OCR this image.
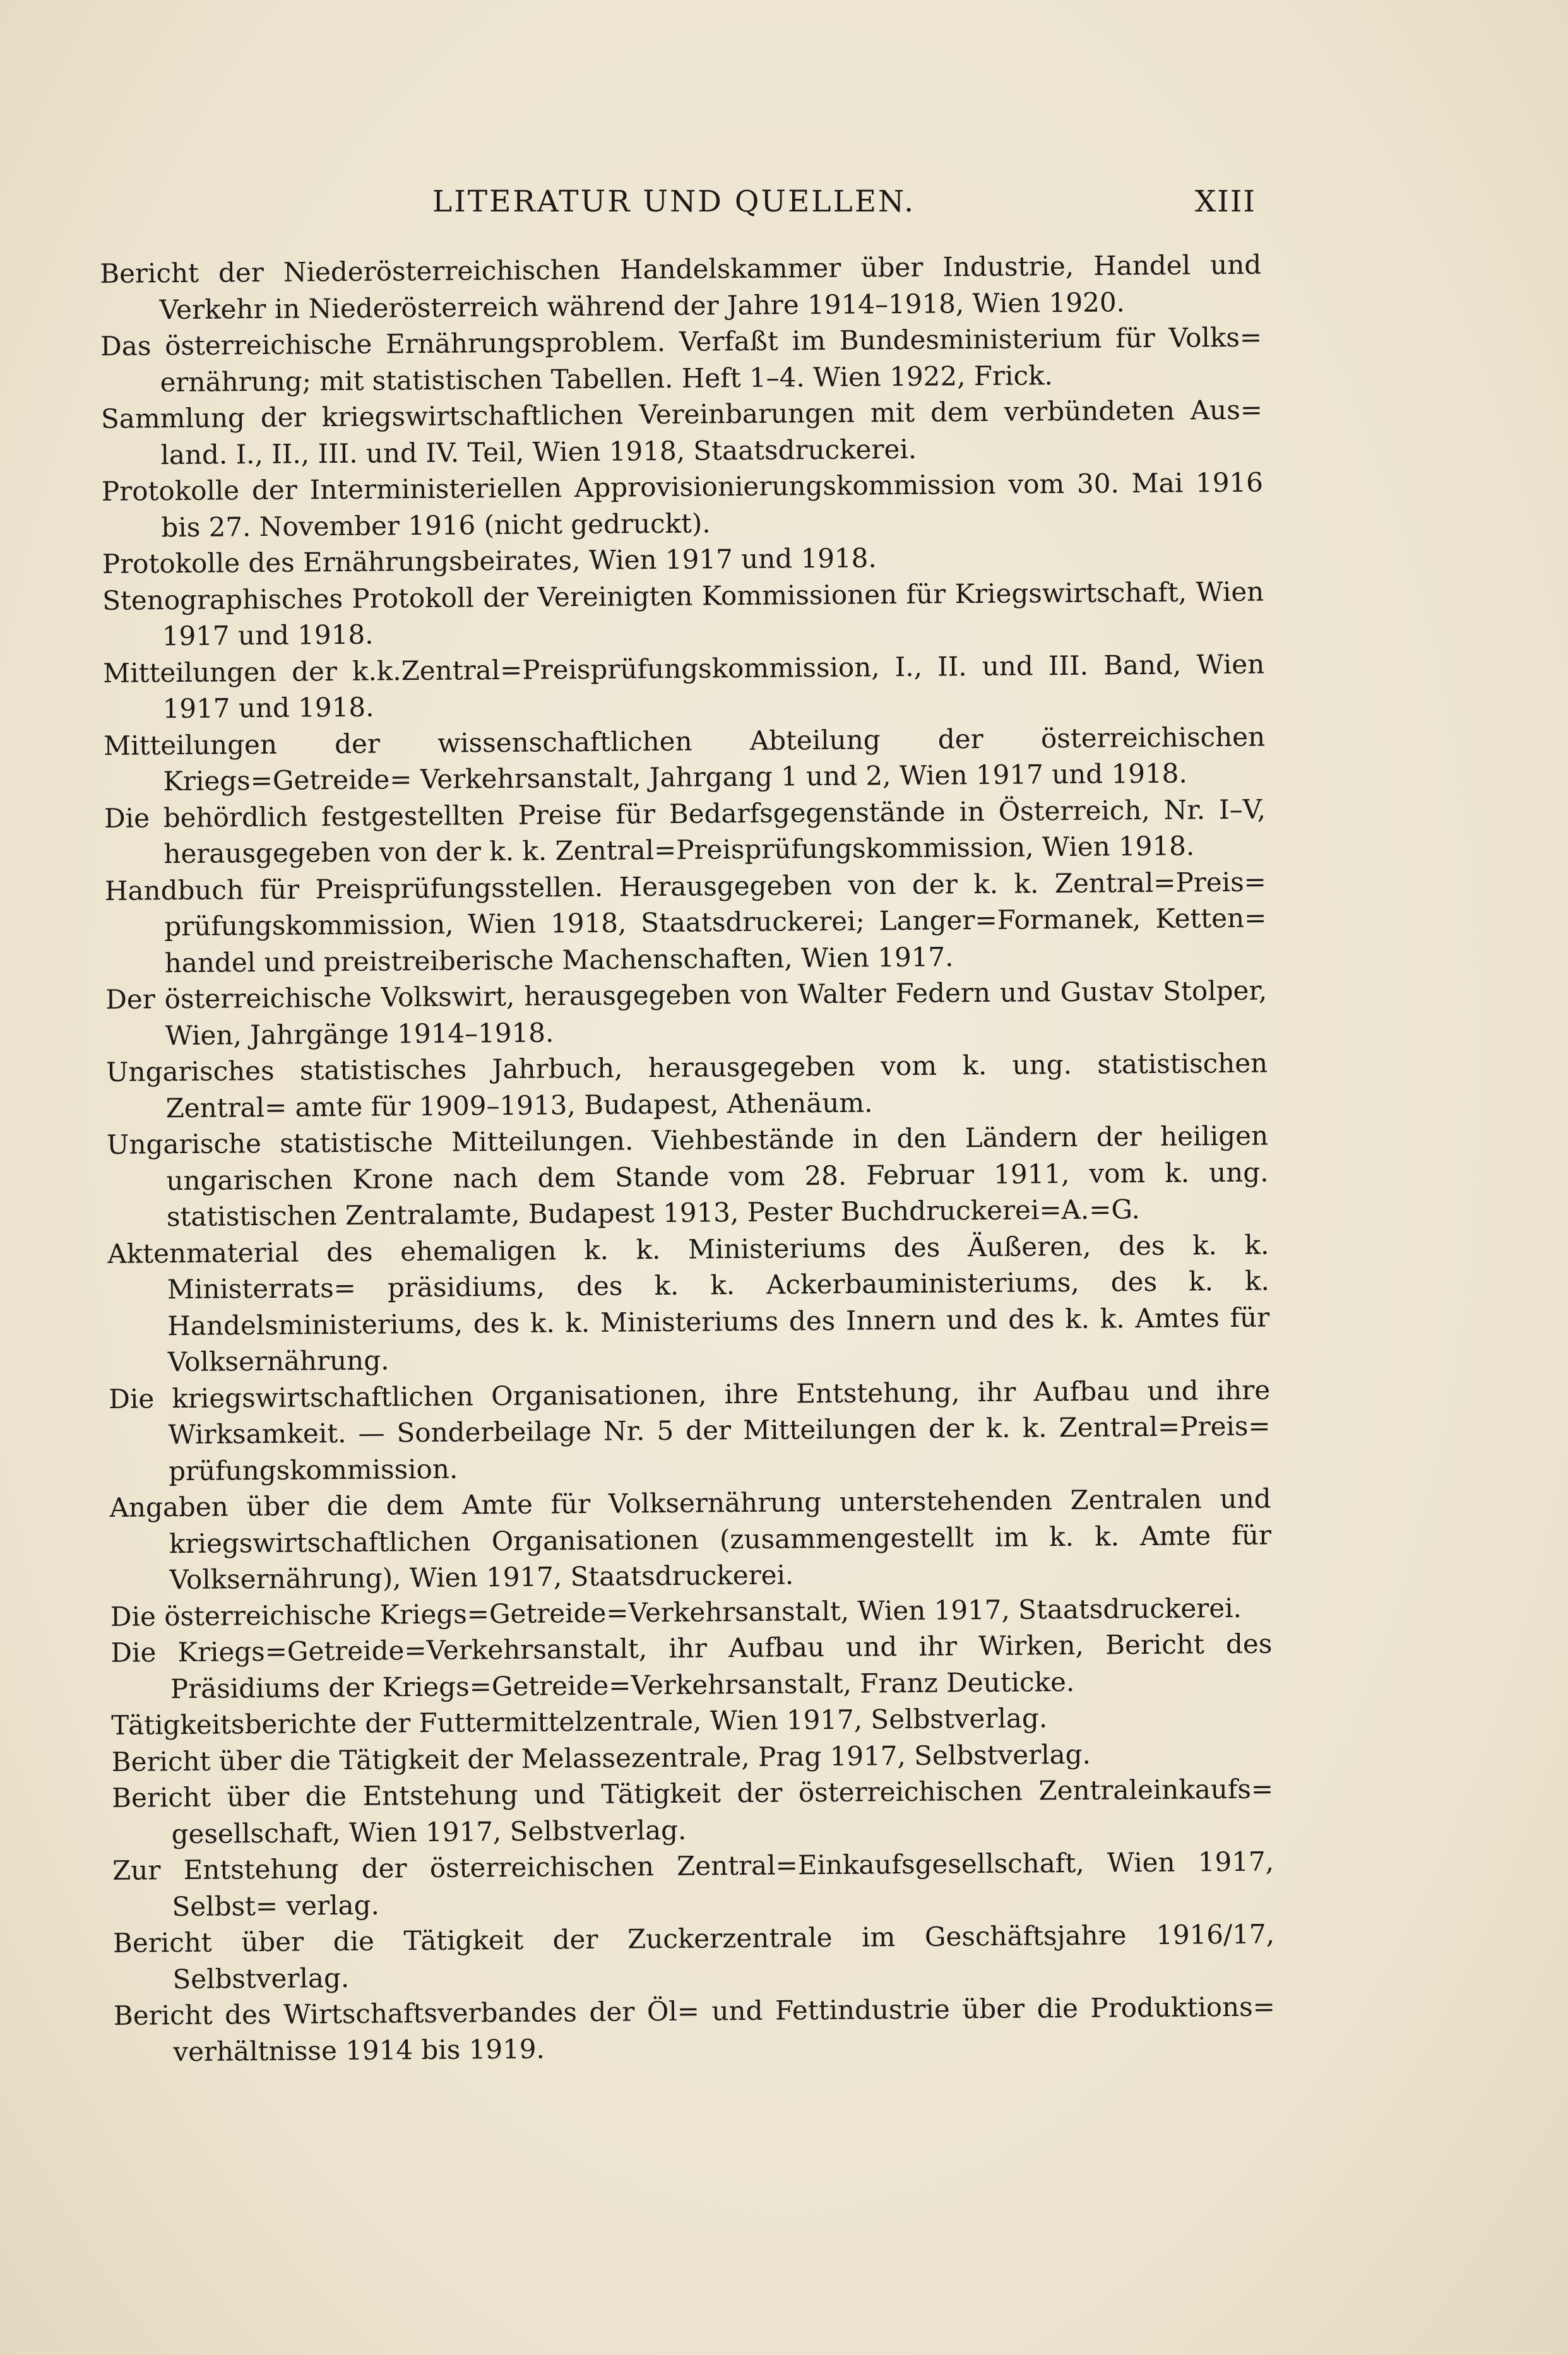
LITERATUR UND QUELLEN.	XIII

Bericht der Niederösterreichischen Handelskammer über Industrie, Handel und Verkehr in Niederösterreich während der Jahre 1914–1918, Wien 1920.

Das österreichische Ernährungsproblem. Verfaßt im Bundesministerium für Volks= ernährung; mit statistischen Tabellen. Heft 1–4. Wien 1922, Frick.

Sammlung der kriegswirtschaftlichen Vereinbarungen mit dem verbündeten Aus= land. I., II., III. und IV. Teil, Wien 1918, Staatsdruckerei.

Protokolle der Interministeriellen Approvisionierungskommission vom 30. Mai 1916 bis 27. November 1916 (nicht gedruckt).

Protokolle des Ernährungsbeirates, Wien 1917 und 1918.

Stenographisches Protokoll der Vereinigten Kommissionen für Kriegswirtschaft, Wien 1917 und 1918.

Mitteilungen der k.k.Zentral=Preisprüfungskommission, I., II. und III. Band, Wien 1917 und 1918.

Mitteilungen der wissenschaftlichen Abteilung der österreichischen Kriegs=Getreide= Verkehrsanstalt, Jahrgang 1 und 2, Wien 1917 und 1918.

Die behördlich festgestellten Preise für Bedarfsgegenstände in Österreich, Nr. I–V, herausgegeben von der k. k. Zentral=Preisprüfungskommission, Wien 1918.

Handbuch für Preisprüfungsstellen. Herausgegeben von der k. k. Zentral=Preis= prüfungskommission, Wien 1918, Staatsdruckerei; Langer=Formanek, Ketten= handel und preistreiberische Machenschaften, Wien 1917.

Der österreichische Volkswirt, herausgegeben von Walter Federn und Gustav Stolper, Wien, Jahrgänge 1914–1918.

Ungarisches statistisches Jahrbuch, herausgegeben vom k. ung. statistischen Zentral= amte für 1909–1913, Budapest, Athenäum.

Ungarische statistische Mitteilungen. Viehbestände in den Ländern der heiligen ungarischen Krone nach dem Stande vom 28. Februar 1911, vom k. ung. statistischen Zentralamte, Budapest 1913, Pester Buchdruckerei=A.=G.

Aktenmaterial des ehemaligen k. k. Ministeriums des Äußeren, des k. k. Ministerrats= präsidiums, des k. k. Ackerbauministeriums, des k. k. Handelsministeriums, des k. k. Ministeriums des Innern und des k. k. Amtes für Volksernährung.

Die kriegswirtschaftlichen Organisationen, ihre Entstehung, ihr Aufbau und ihre Wirksamkeit. — Sonderbeilage Nr. 5 der Mitteilungen der k. k. Zentral=Preis= prüfungskommission.

Angaben über die dem Amte für Volksernährung unterstehenden Zentralen und kriegswirtschaftlichen Organisationen (zusammengestellt im k. k. Amte für Volksernährung), Wien 1917, Staatsdruckerei.

Die österreichische Kriegs=Getreide=Verkehrsanstalt, Wien 1917, Staatsdruckerei.

Die Kriegs=Getreide=Verkehrsanstalt, ihr Aufbau und ihr Wirken, Bericht des Präsidiums der Kriegs=Getreide=Verkehrsanstalt, Franz Deuticke.

Tätigkeitsberichte der Futtermittelzentrale, Wien 1917, Selbstverlag.

Bericht über die Tätigkeit der Melassezentrale, Prag 1917, Selbstverlag.

Bericht über die Entstehung und Tätigkeit der österreichischen Zentraleinkaufs= gesellschaft, Wien 1917, Selbstverlag.

Zur Entstehung der österreichischen Zentral=Einkaufsgesellschaft, Wien 1917, Selbst= verlag.

Bericht über die Tätigkeit der Zuckerzentrale im Geschäftsjahre 1916/17, Selbstverlag.

Bericht des Wirtschaftsverbandes der Öl= und Fettindustrie über die Produktions= verhältnisse 1914 bis 1919.
